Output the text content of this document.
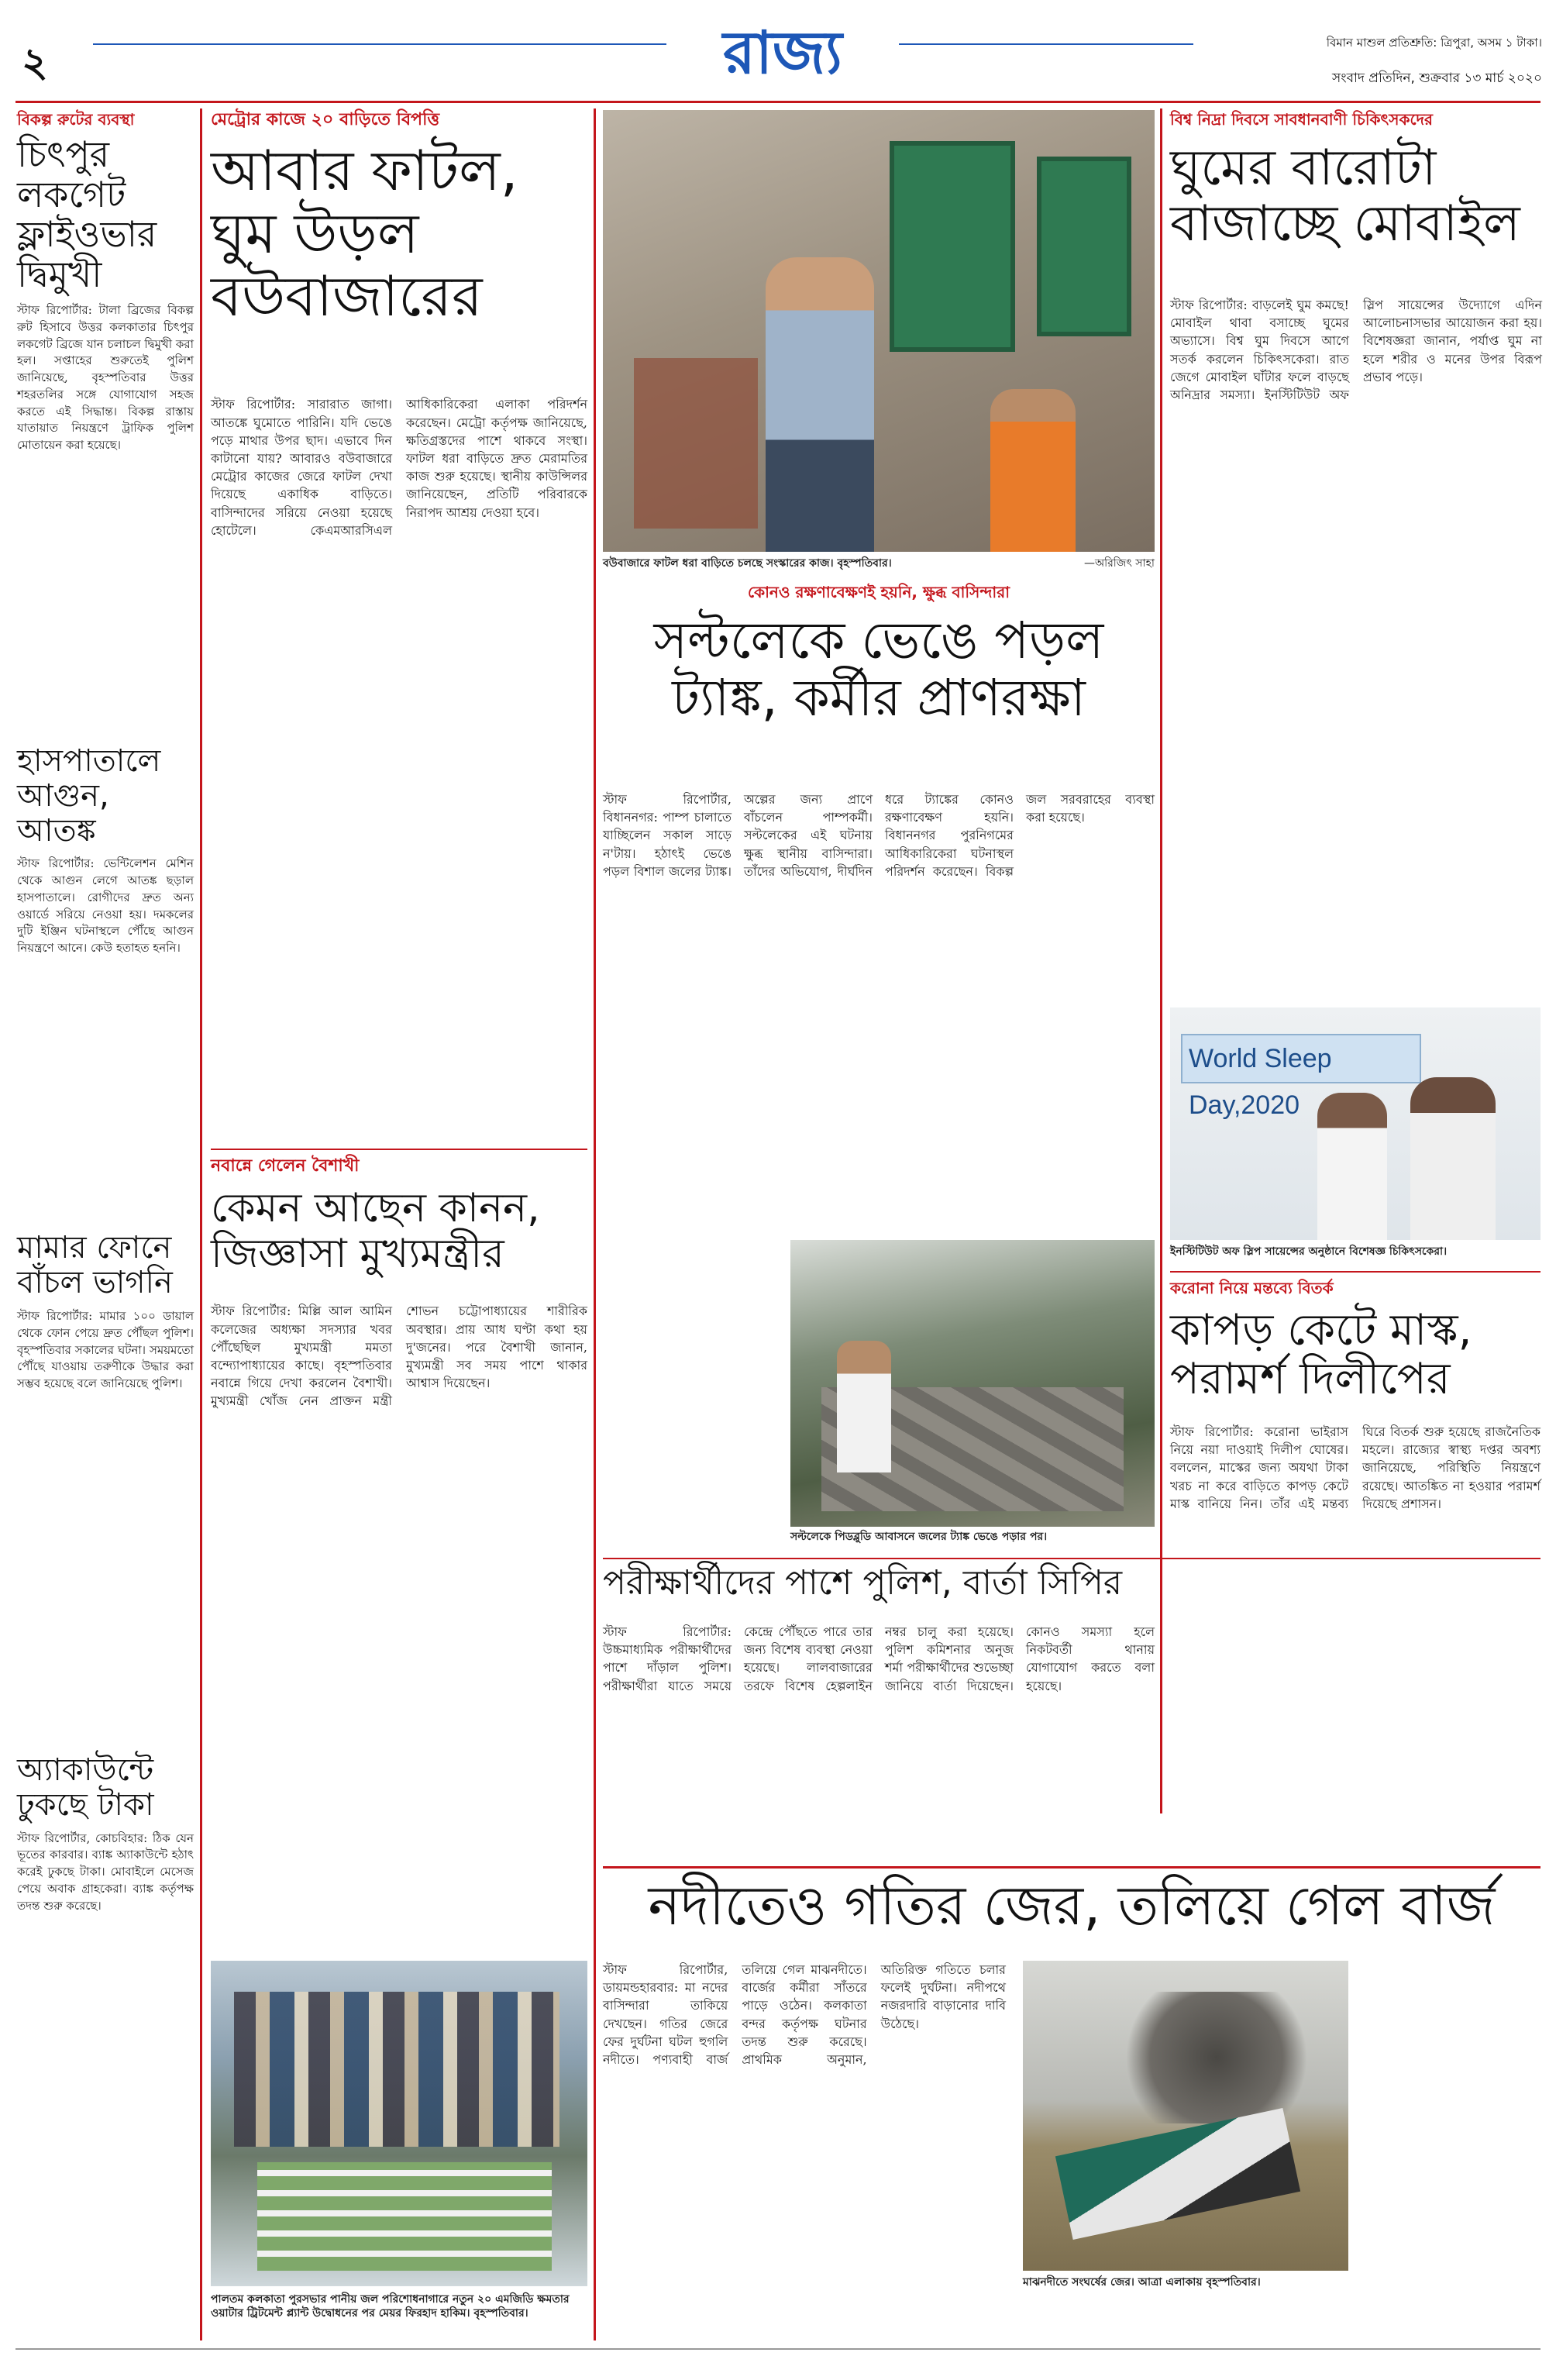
২	রাজ্য	বিমান মাশুল প্রতিশ্রুতি: ত্রিপুরা, অসম ১ টাকা।
সংবাদ প্রতিদিন, শুক্রবার ১৩ মার্চ ২০২০
বিকল্প রুটের ব্যবস্থা
চিৎপুর লকগেট ফ্লাইওভার দ্বিমুখী
স্টাফ রিপোর্টার: টালা ব্রিজের বিকল্প রুট হিসাবে উত্তর কলকাতার চিৎপুর লকগেট ব্রিজে যান চলাচল দ্বিমুখী করা হল। সপ্তাহের শুরুতেই পুলিশ জানিয়েছে, বৃহস্পতিবার উত্তর শহরতলির সঙ্গে যোগাযোগ সহজ করতে এই সিদ্ধান্ত। বিকল্প রাস্তায় যাতায়াত নিয়ন্ত্রণে ট্রাফিক পুলিশ মোতায়েন করা হয়েছে।
হাসপাতালে আগুন, আতঙ্ক
স্টাফ রিপোর্টার: ভেন্টিলেশন মেশিন থেকে আগুন লেগে আতঙ্ক ছড়াল হাসপাতালে। রোগীদের দ্রুত অন্য ওয়ার্ডে সরিয়ে নেওয়া হয়। দমকলের দুটি ইঞ্জিন ঘটনাস্থলে পৌঁছে আগুন নিয়ন্ত্রণে আনে। কেউ হতাহত হননি।
মামার ফোনে বাঁচল ভাগনি
স্টাফ রিপোর্টার: মামার ১০০ ডায়াল থেকে ফোন পেয়ে দ্রুত পৌঁছল পুলিশ। বৃহস্পতিবার সকালের ঘটনা। সময়মতো পৌঁছে যাওয়ায় তরুণীকে উদ্ধার করা সম্ভব হয়েছে বলে জানিয়েছে পুলিশ।
অ্যাকাউন্টে ঢুকছে টাকা
স্টাফ রিপোর্টার, কোচবিহার: ঠিক যেন ভূতের কারবার। ব্যাঙ্ক অ্যাকাউন্টে হঠাৎ করেই ঢুকছে টাকা। মোবাইলে মেসেজ পেয়ে অবাক গ্রাহকেরা। ব্যাঙ্ক কর্তৃপক্ষ তদন্ত শুরু করেছে।
মেট্রোর কাজে ২০ বাড়িতে বিপত্তি
আবার ফাটল, ঘুম উড়ল বউবাজারের
স্টাফ রিপোর্টার: সারারাত জাগা। আতঙ্কে ঘুমোতে পারিনি। যদি ভেঙে পড়ে মাথার উপর ছাদ। এভাবে দিন কাটানো যায়? আবারও বউবাজারে মেট্রোর কাজের জেরে ফাটল দেখা দিয়েছে একাধিক বাড়িতে। বাসিন্দাদের সরিয়ে নেওয়া হয়েছে হোটেলে। কেএমআরসিএল আধিকারিকেরা এলাকা পরিদর্শন করেছেন। মেট্রো কর্তৃপক্ষ জানিয়েছে, ক্ষতিগ্রস্তদের পাশে থাকবে সংস্থা। ফাটল ধরা বাড়িতে দ্রুত মেরামতির কাজ শুরু হয়েছে। স্থানীয় কাউন্সিলর জানিয়েছেন, প্রতিটি পরিবারকে নিরাপদ আশ্রয় দেওয়া হবে।
নবান্নে গেলেন বৈশাখী
কেমন আছেন কানন, জিজ্ঞাসা মুখ্যমন্ত্রীর
স্টাফ রিপোর্টার: মিল্লি আল আমিন কলেজের অধ্যক্ষা সদস্যার খবর পৌঁছেছিল মুখ্যমন্ত্রী মমতা বন্দ্যোপাধ্যায়ের কাছে। বৃহস্পতিবার নবান্নে গিয়ে দেখা করলেন বৈশাখী। মুখ্যমন্ত্রী খোঁজ নেন প্রাক্তন মন্ত্রী শোভন চট্টোপাধ্যায়ের শারীরিক অবস্থার। প্রায় আধ ঘণ্টা কথা হয় দু'জনের। পরে বৈশাখী জানান, মুখ্যমন্ত্রী সব সময় পাশে থাকার আশ্বাস দিয়েছেন।
পালতম কলকাতা পুরসভার পানীয় জল পরিশোধনাগারে নতুন ২০ এমজিডি ক্ষমতার ওয়াটার ট্রিটমেন্ট প্ল্যান্ট উদ্বোধনের পর মেয়র ফিরহাদ হাকিম। বৃহস্পতিবার।
বউবাজারে ফাটল ধরা বাড়িতে চলছে সংস্কারের কাজ। বৃহস্পতিবার।	—অরিজিৎ সাহা
কোনও রক্ষণাবেক্ষণই হয়নি, ক্ষুব্ধ বাসিন্দারা
সল্টলেকে ভেঙে পড়ল ট্যাঙ্ক, কর্মীর প্রাণরক্ষা
স্টাফ রিপোর্টার, বিধাননগর: পাম্প চালাতে যাচ্ছিলেন সকাল সাড়ে ন'টায়। হঠাৎই ভেঙে পড়ল বিশাল জলের ট্যাঙ্ক। অল্পের জন্য প্রাণে বাঁচলেন পাম্পকর্মী। সল্টলেকের এই ঘটনায় ক্ষুব্ধ স্থানীয় বাসিন্দারা। তাঁদের অভিযোগ, দীর্ঘদিন ধরে ট্যাঙ্কের কোনও রক্ষণাবেক্ষণ হয়নি। বিধাননগর পুরনিগমের আধিকারিকেরা ঘটনাস্থল পরিদর্শন করেছেন। বিকল্প জল সরবরাহের ব্যবস্থা করা হয়েছে।
সল্টলেকে পিডব্লুডি আবাসনে জলের ট্যাঙ্ক ভেঙে পড়ার পর।
পরীক্ষার্থীদের পাশে পুলিশ, বার্তা সিপির
স্টাফ রিপোর্টার: উচ্চমাধ্যমিক পরীক্ষার্থীদের পাশে দাঁড়াল পুলিশ। পরীক্ষার্থীরা যাতে সময়ে কেন্দ্রে পৌঁছতে পারে তার জন্য বিশেষ ব্যবস্থা নেওয়া হয়েছে। লালবাজারের তরফে বিশেষ হেল্পলাইন নম্বর চালু করা হয়েছে। পুলিশ কমিশনার অনুজ শর্মা পরীক্ষার্থীদের শুভেচ্ছা জানিয়ে বার্তা দিয়েছেন। কোনও সমস্যা হলে নিকটবর্তী থানায় যোগাযোগ করতে বলা হয়েছে।
বিশ্ব নিদ্রা দিবসে সাবধানবাণী চিকিৎসকদের
ঘুমের বারোটা বাজাচ্ছে মোবাইল
স্টাফ রিপোর্টার: বাড়লেই ঘুম কমছে! মোবাইল থাবা বসাচ্ছে ঘুমের অভ্যাসে। বিশ্ব ঘুম দিবসে আগে সতর্ক করলেন চিকিৎসকেরা। রাত জেগে মোবাইল ঘাঁটার ফলে বাড়ছে অনিদ্রার সমস্যা। ইনস্টিটিউট অফ স্লিপ সায়েন্সের উদ্যোগে এদিন আলোচনাসভার আয়োজন করা হয়। বিশেষজ্ঞরা জানান, পর্যাপ্ত ঘুম না হলে শরীর ও মনের উপর বিরূপ প্রভাব পড়ে।
World Sleep Day,2020
ইনস্টিটিউট অফ স্লিপ সায়েন্সের অনুষ্ঠানে বিশেষজ্ঞ চিকিৎসকেরা।
করোনা নিয়ে মন্তব্যে বিতর্ক
কাপড় কেটে মাস্ক, পরামর্শ দিলীপের
স্টাফ রিপোর্টার: করোনা ভাইরাস নিয়ে নয়া দাওয়াই দিলীপ ঘোষের। বললেন, মাস্কের জন্য অযথা টাকা খরচ না করে বাড়িতে কাপড় কেটে মাস্ক বানিয়ে নিন। তাঁর এই মন্তব্য ঘিরে বিতর্ক শুরু হয়েছে রাজনৈতিক মহলে। রাজ্যের স্বাস্থ্য দপ্তর অবশ্য জানিয়েছে, পরিস্থিতি নিয়ন্ত্রণে রয়েছে। আতঙ্কিত না হওয়ার পরামর্শ দিয়েছে প্রশাসন।
নদীতেও গতির জের, তলিয়ে গেল বার্জ
স্টাফ রিপোর্টার, ডায়মন্ডহারবার: মা নদের বাসিন্দারা তাকিয়ে দেখছেন। গতির জেরে ফের দুর্ঘটনা ঘটল হুগলি নদীতে। পণ্যবাহী বার্জ তলিয়ে গেল মাঝনদীতে। বার্জের কর্মীরা সাঁতরে পাড়ে ওঠেন। কলকাতা বন্দর কর্তৃপক্ষ ঘটনার তদন্ত শুরু করেছে। প্রাথমিক অনুমান, অতিরিক্ত গতিতে চলার ফলেই দুর্ঘটনা। নদীপথে নজরদারি বাড়ানোর দাবি উঠেছে।
মাঝনদীতে সংঘর্ষের জের। আত্রা এলাকায় বৃহস্পতিবার।
